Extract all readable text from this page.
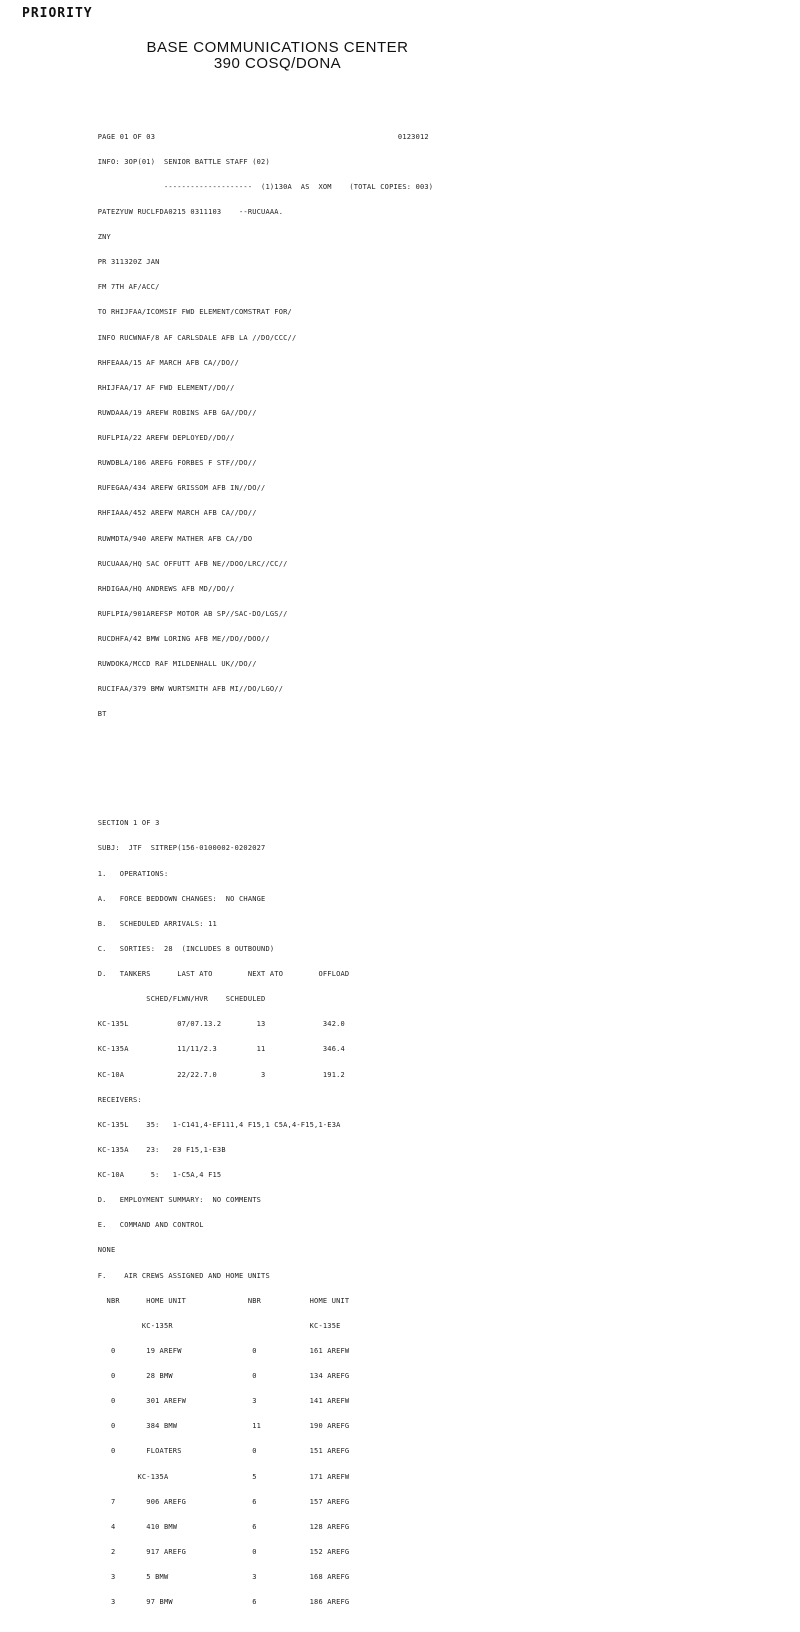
PRIORITY
BASE COMMUNICATIONS CENTER
390 COSQ/DONA

PAGE 01 OF 03                                                       0123012

INFO: 3OP(01)  SENIOR BATTLE STAFF (02)

--------------------  (1)130A  AS  XOM    (TOTAL COPIES: 003)

PATEZYUW RUCLFDA0215 0311103    --RUCUAAA.

ZNY

PR 311320Z JAN

FM 7TH AF/ACC/

TO RHIJFAA/ICOMSIF FWD ELEMENT/COMSTRAT FOR/

INFO RUCWNAF/8 AF CARLSDALE AFB LA //DO/CCC//

RHFEAAA/15 AF MARCH AFB CA//DO//

RHIJFAA/17 AF FWD ELEMENT//DO//

RUWDAAA/19 AREFW ROBINS AFB GA//DO//

RUFLPIA/22 AREFW DEPLOYED//DO//

RUWDBLA/106 AREFG FORBES F STF//DO//

RUFEGAA/434 AREFW GRISSOM AFB IN//DO//

RHFIAAA/452 AREFW MARCH AFB CA//DO//

RUWMDTA/940 AREFW MATHER AFB CA//DO

RUCUAAA/HQ SAC OFFUTT AFB NE//DOO/LRC//CC//

RHDIGAA/HQ ANDREWS AFB MD//DO//

RUFLPIA/901AREFSP MOTOR AB SP//SAC-DO/LGS//

RUCDHFA/42 BMW LORING AFB ME//DO//DOO//

RUWDOKA/MCCD RAF MILDENHALL UK//DO//

RUCIFAA/379 BMW WURTSMITH AFB MI//DO/LGO//

BT

SECTION 1 OF 3

SUBJ:  JTF  SITREP(156-0100002-0202027

1.   OPERATIONS:

A.   FORCE BEDDOWN CHANGES:  NO CHANGE

B.   SCHEDULED ARRIVALS: 11

C.   SORTIES:  28  (INCLUDES 8 OUTBOUND)

D.   TANKERS      LAST ATO        NEXT ATO        OFFLOAD

SCHED/FLWN/HVR    SCHEDULED

KC-135L           07/07.13.2        13             342.0

KC-135A           11/11/2.3         11             346.4

KC-10A            22/22.7.0          3             191.2

RECEIVERS:

KC-135L    35:   1-C141,4-EF111,4 F15,1 C5A,4-F15,1-E3A

KC-135A    23:   20 F15,1-E3B

KC-10A      5:   1-C5A,4 F15

D.   EMPLOYMENT SUMMARY:  NO COMMENTS

E.   COMMAND AND CONTROL

NONE

F.    AIR CREWS ASSIGNED AND HOME UNITS

NBR      HOME UNIT              NBR           HOME UNIT

KC-135R                               KC-135E

0       19 AREFW                0            161 AREFW

0       28 BMW                  0            134 AREFG

0       301 AREFW               3            141 AREFW

0       384 BMW                 11           190 AREFG

0       FLOATERS                0            151 AREFG

KC-135A                   5            171 AREFW

7       906 AREFG               6            157 AREFG

4       410 BMW                 6            128 AREFG

2       917 AREFG               0            152 AREFG

3       5 BMW                   3            168 AREFG

3       97 BMW                  6            186 AREFG
